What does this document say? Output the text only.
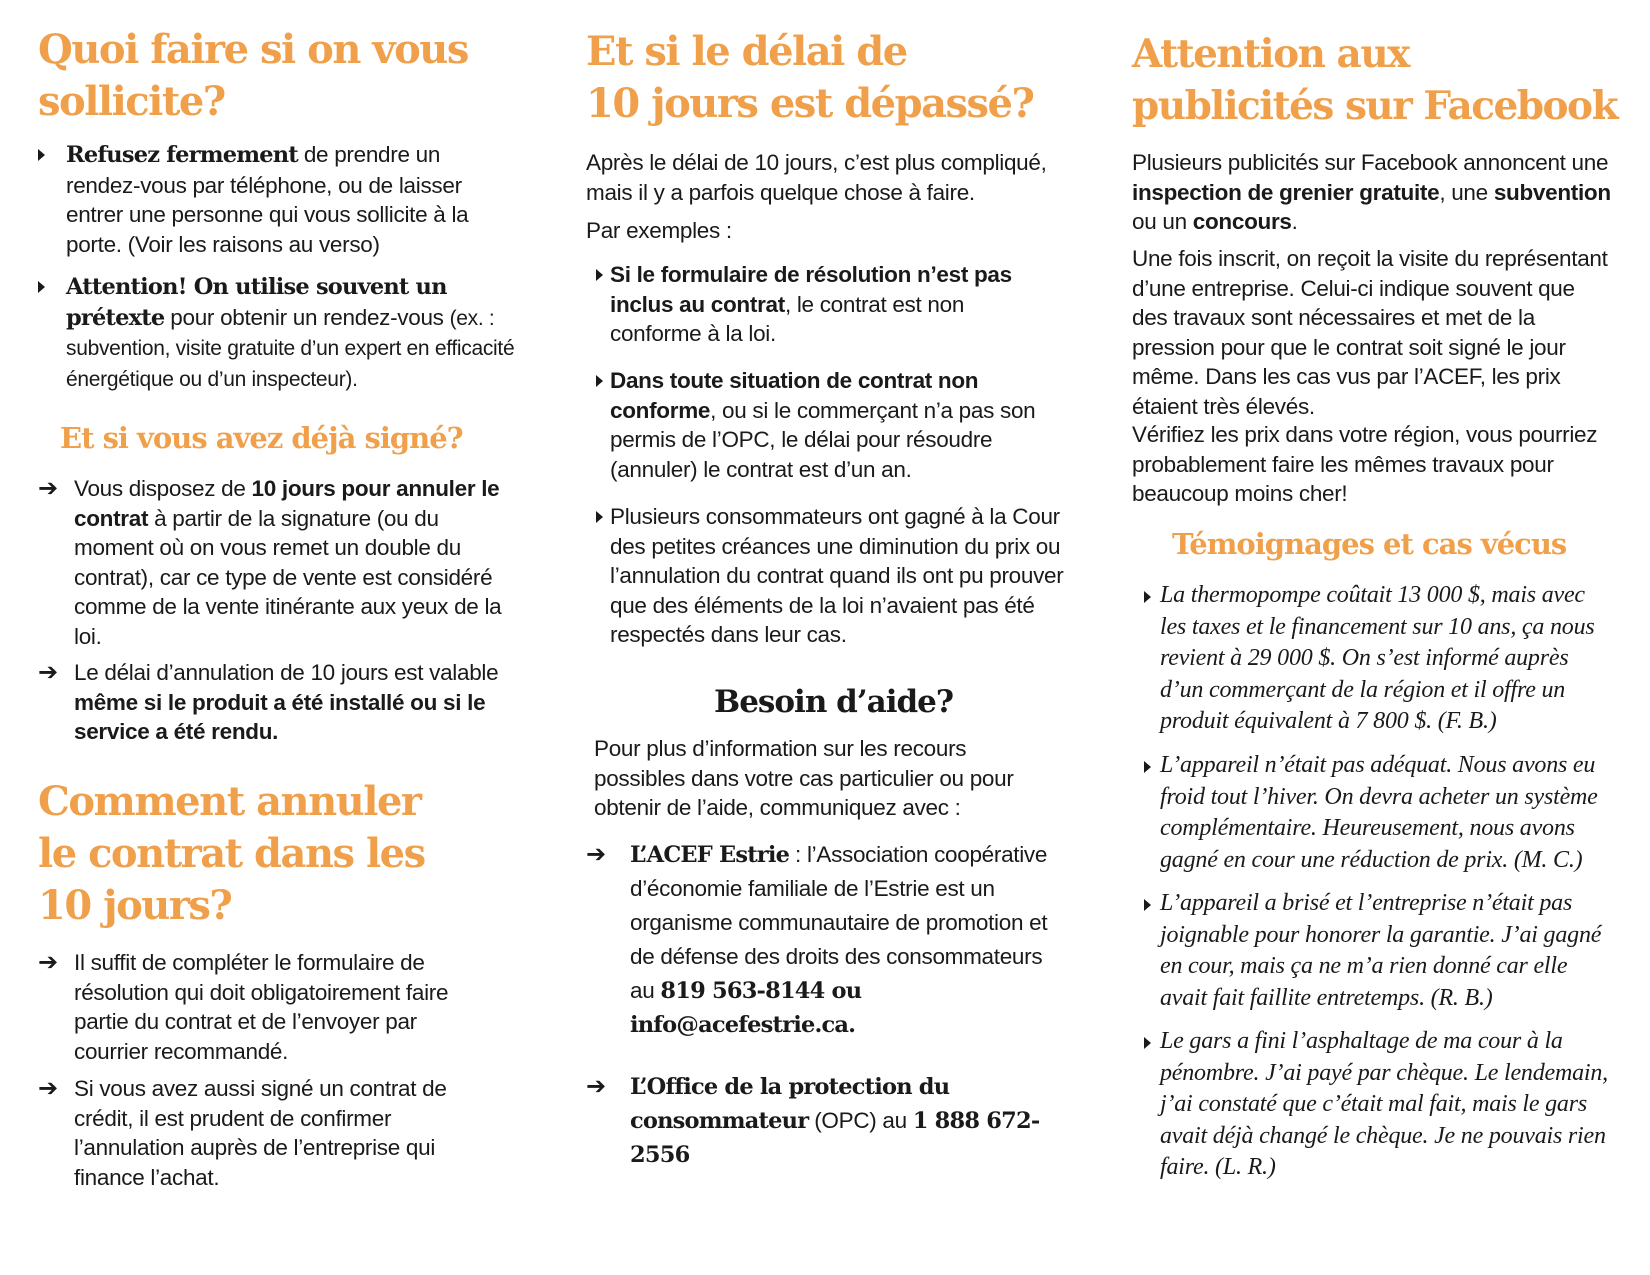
Quoi faire si on vous
sollicite?
Refusez fermement de prendre un rendez-vous par téléphone, ou de laisser entrer une personne qui vous sollicite à la porte. (Voir les raisons au verso)
Attention! On utilise souvent un prétexte pour obtenir un rendez-vous (ex. : subvention, visite gratuite d’un expert en efficacité énergétique ou d’un inspecteur).
Et si vous avez déjà signé?
➔ Vous disposez de 10 jours pour annuler le contrat à partir de la signature (ou du moment où on vous remet un double du contrat), car ce type de vente est considéré comme de la vente itinérante aux yeux de la loi.
➔ Le délai d’annulation de 10 jours est valable même si le produit a été installé ou si le service a été rendu.
Comment annuler
le contrat dans les
10 jours?
➔ Il suffit de compléter le formulaire de résolution qui doit obligatoirement faire partie du contrat et de l’envoyer par courrier recommandé.
➔ Si vous avez aussi signé un contrat de crédit, il est prudent de confirmer l’annulation auprès de l’entreprise qui finance l’achat.
Et si le délai de
10 jours est dépassé?
Après le délai de 10 jours, c’est plus compliqué, mais il y a parfois quelque chose à faire.
Par exemples :
Si le formulaire de résolution n’est pas inclus au contrat, le contrat est non conforme à la loi.
Dans toute situation de contrat non conforme, ou si le commerçant n’a pas son permis de l’OPC, le délai pour résoudre (annuler) le contrat est d’un an.
Plusieurs consommateurs ont gagné à la Cour des petites créances une diminution du prix ou l’annulation du contrat quand ils ont pu prouver que des éléments de la loi n’avaient pas été respectés dans leur cas.
Besoin d’aide?
Pour plus d’information sur les recours possibles dans votre cas particulier ou pour obtenir de l’aide, communiquez avec :
➔ L’ACEF Estrie : l’Association coopérative d’économie familiale de l’Estrie est un organisme communautaire de promotion et de défense des droits des consommateurs au 819 563-8144 ou info@acefestrie.ca.
➔ L’Office de la protection du consommateur (OPC) au 1 888 672-2556
Attention aux
publicités sur Facebook
Plusieurs publicités sur Facebook annoncent une inspection de grenier gratuite, une subvention ou un concours.
Une fois inscrit, on reçoit la visite du représentant d’une entreprise. Celui-ci indique souvent que des travaux sont nécessaires et met de la pression pour que le contrat soit signé le jour même. Dans les cas vus par l’ACEF, les prix étaient très élevés.
Vérifiez les prix dans votre région, vous pourriez probablement faire les mêmes travaux pour beaucoup moins cher!
Témoignages et cas vécus
La thermopompe coûtait 13 000 $, mais avec les taxes et le financement sur 10 ans, ça nous revient à 29 000 $. On s’est informé auprès d’un commerçant de la région et il offre un produit équivalent à 7 800 $. (F. B.)
L’appareil n’était pas adéquat. Nous avons eu froid tout l’hiver. On devra acheter un système complémentaire. Heureusement, nous avons gagné en cour une réduction de prix. (M. C.)
L’appareil a brisé et l’entreprise n’était pas joignable pour honorer la garantie. J’ai gagné en cour, mais ça ne m’a rien donné car elle avait fait faillite entretemps. (R. B.)
Le gars a fini l’asphaltage de ma cour à la pénombre. J’ai payé par chèque. Le lendemain, j’ai constaté que c’était mal fait, mais le gars avait déjà changé le chèque. Je ne pouvais rien faire. (L. R.)
